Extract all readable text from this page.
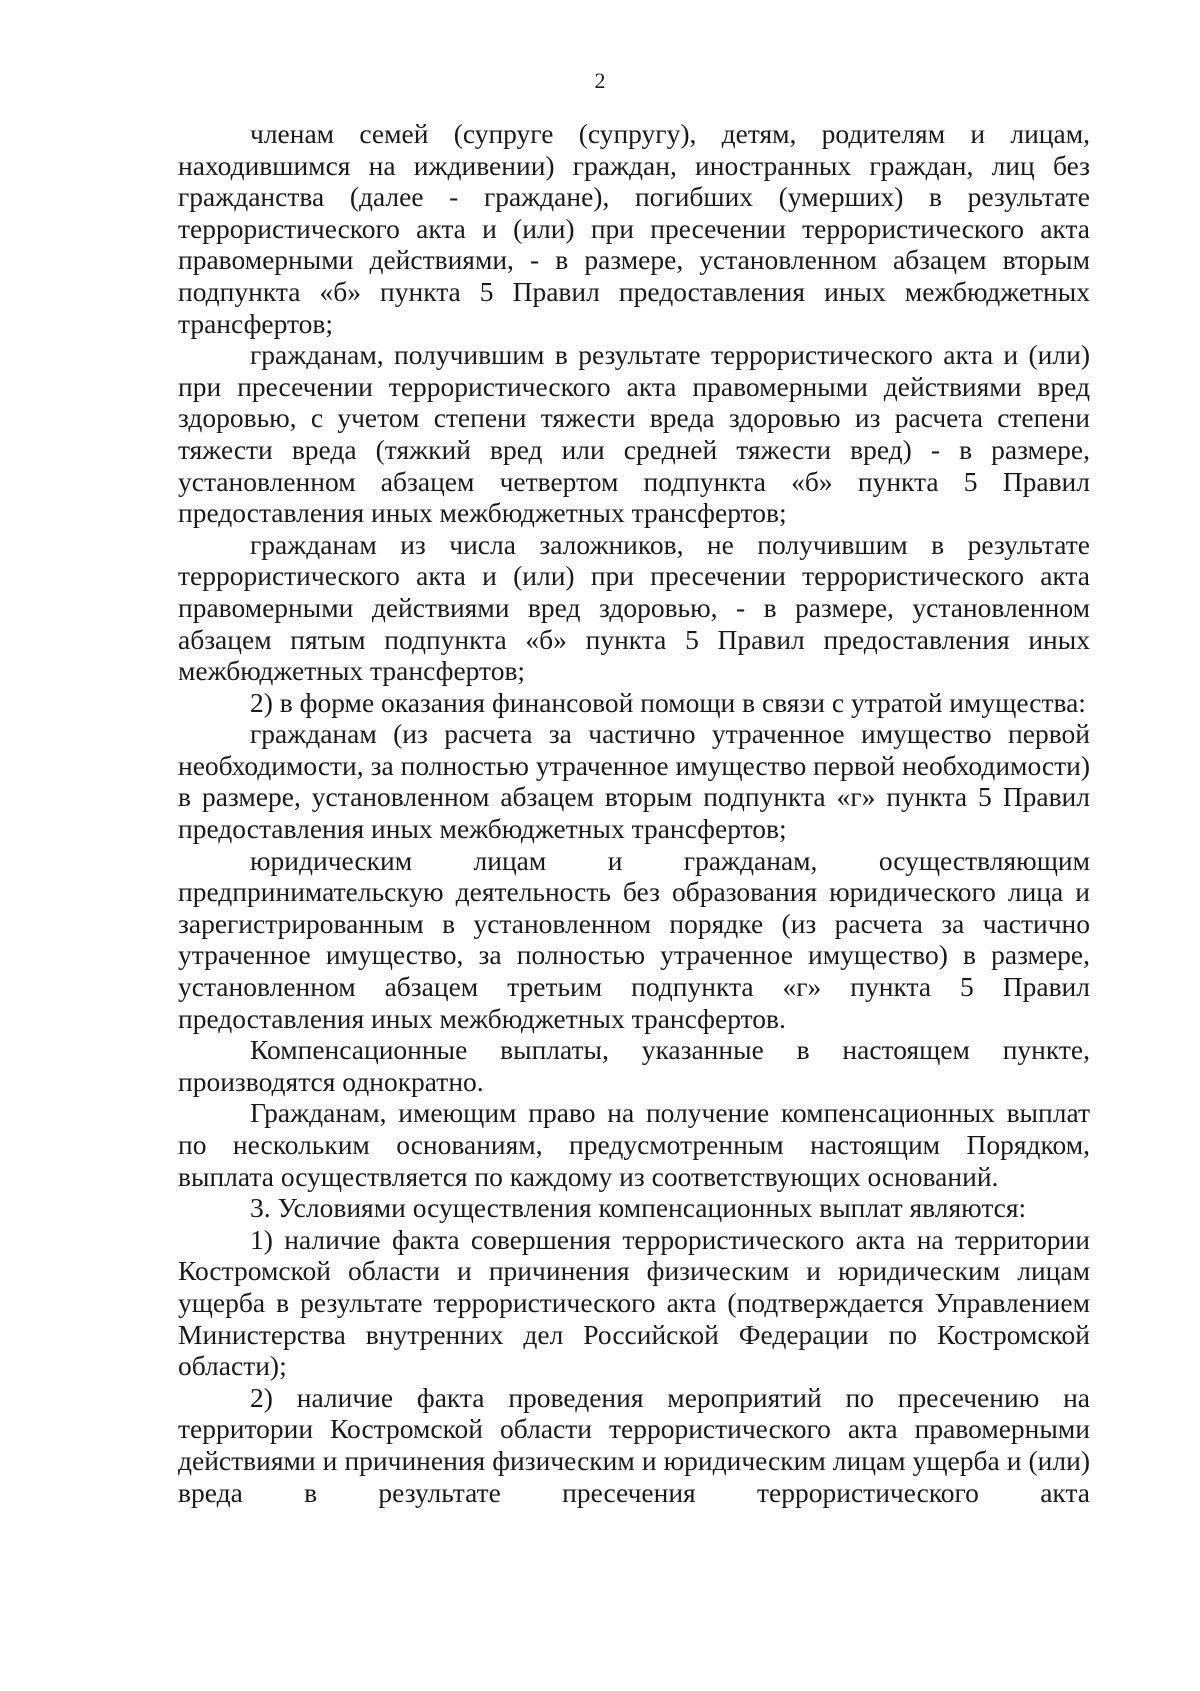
2

членам семей (супруге (супругу), детям, родителям и лицам, находившимся на иждивении) граждан, иностранных граждан, лиц без гражданства (далее - граждане), погибших (умерших) в результате террористического акта и (или) при пресечении террористического акта правомерными действиями, - в размере, установленном абзацем вторым подпункта «б» пункта 5 Правил предоставления иных межбюджетных трансфертов;

гражданам, получившим в результате террористического акта и (или) при пресечении террористического акта правомерными действиями вред здоровью, с учетом степени тяжести вреда здоровью из расчета степени тяжести вреда (тяжкий вред или средней тяжести вред) - в размере, установленном абзацем четвертом подпункта «б» пункта 5 Правил предоставления иных межбюджетных трансфертов;

гражданам из числа заложников, не получившим в результате террористического акта и (или) при пресечении террористического акта правомерными действиями вред здоровью, - в размере, установленном абзацем пятым подпункта «б» пункта 5 Правил предоставления иных межбюджетных трансфертов;

2) в форме оказания финансовой помощи в связи с утратой имущества:

гражданам (из расчета за частично утраченное имущество первой необходимости, за полностью утраченное имущество первой необходимости) в размере, установленном абзацем вторым подпункта «г» пункта 5 Правил предоставления иных межбюджетных трансфертов;

юридическим лицам и гражданам, осуществляющим предпринимательскую деятельность без образования юридического лица и зарегистрированным в установленном порядке (из расчета за частично утраченное имущество, за полностью утраченное имущество) в размере, установленном абзацем третьим подпункта «г» пункта 5 Правил предоставления иных межбюджетных трансфертов.

Компенсационные выплаты, указанные в настоящем пункте, производятся однократно.

Гражданам, имеющим право на получение компенсационных выплат по нескольким основаниям, предусмотренным настоящим Порядком, выплата осуществляется по каждому из соответствующих оснований.

3. Условиями осуществления компенсационных выплат являются:

1) наличие факта совершения террористического акта на территории Костромской области и причинения физическим и юридическим лицам ущерба в результате террористического акта (подтверждается Управлением Министерства внутренних дел Российской Федерации по Костромской области);

2) наличие факта проведения мероприятий по пресечению на территории Костромской области террористического акта правомерными действиями и причинения физическим и юридическим лицам ущерба и (или) вреда в результате пресечения террористического акта
